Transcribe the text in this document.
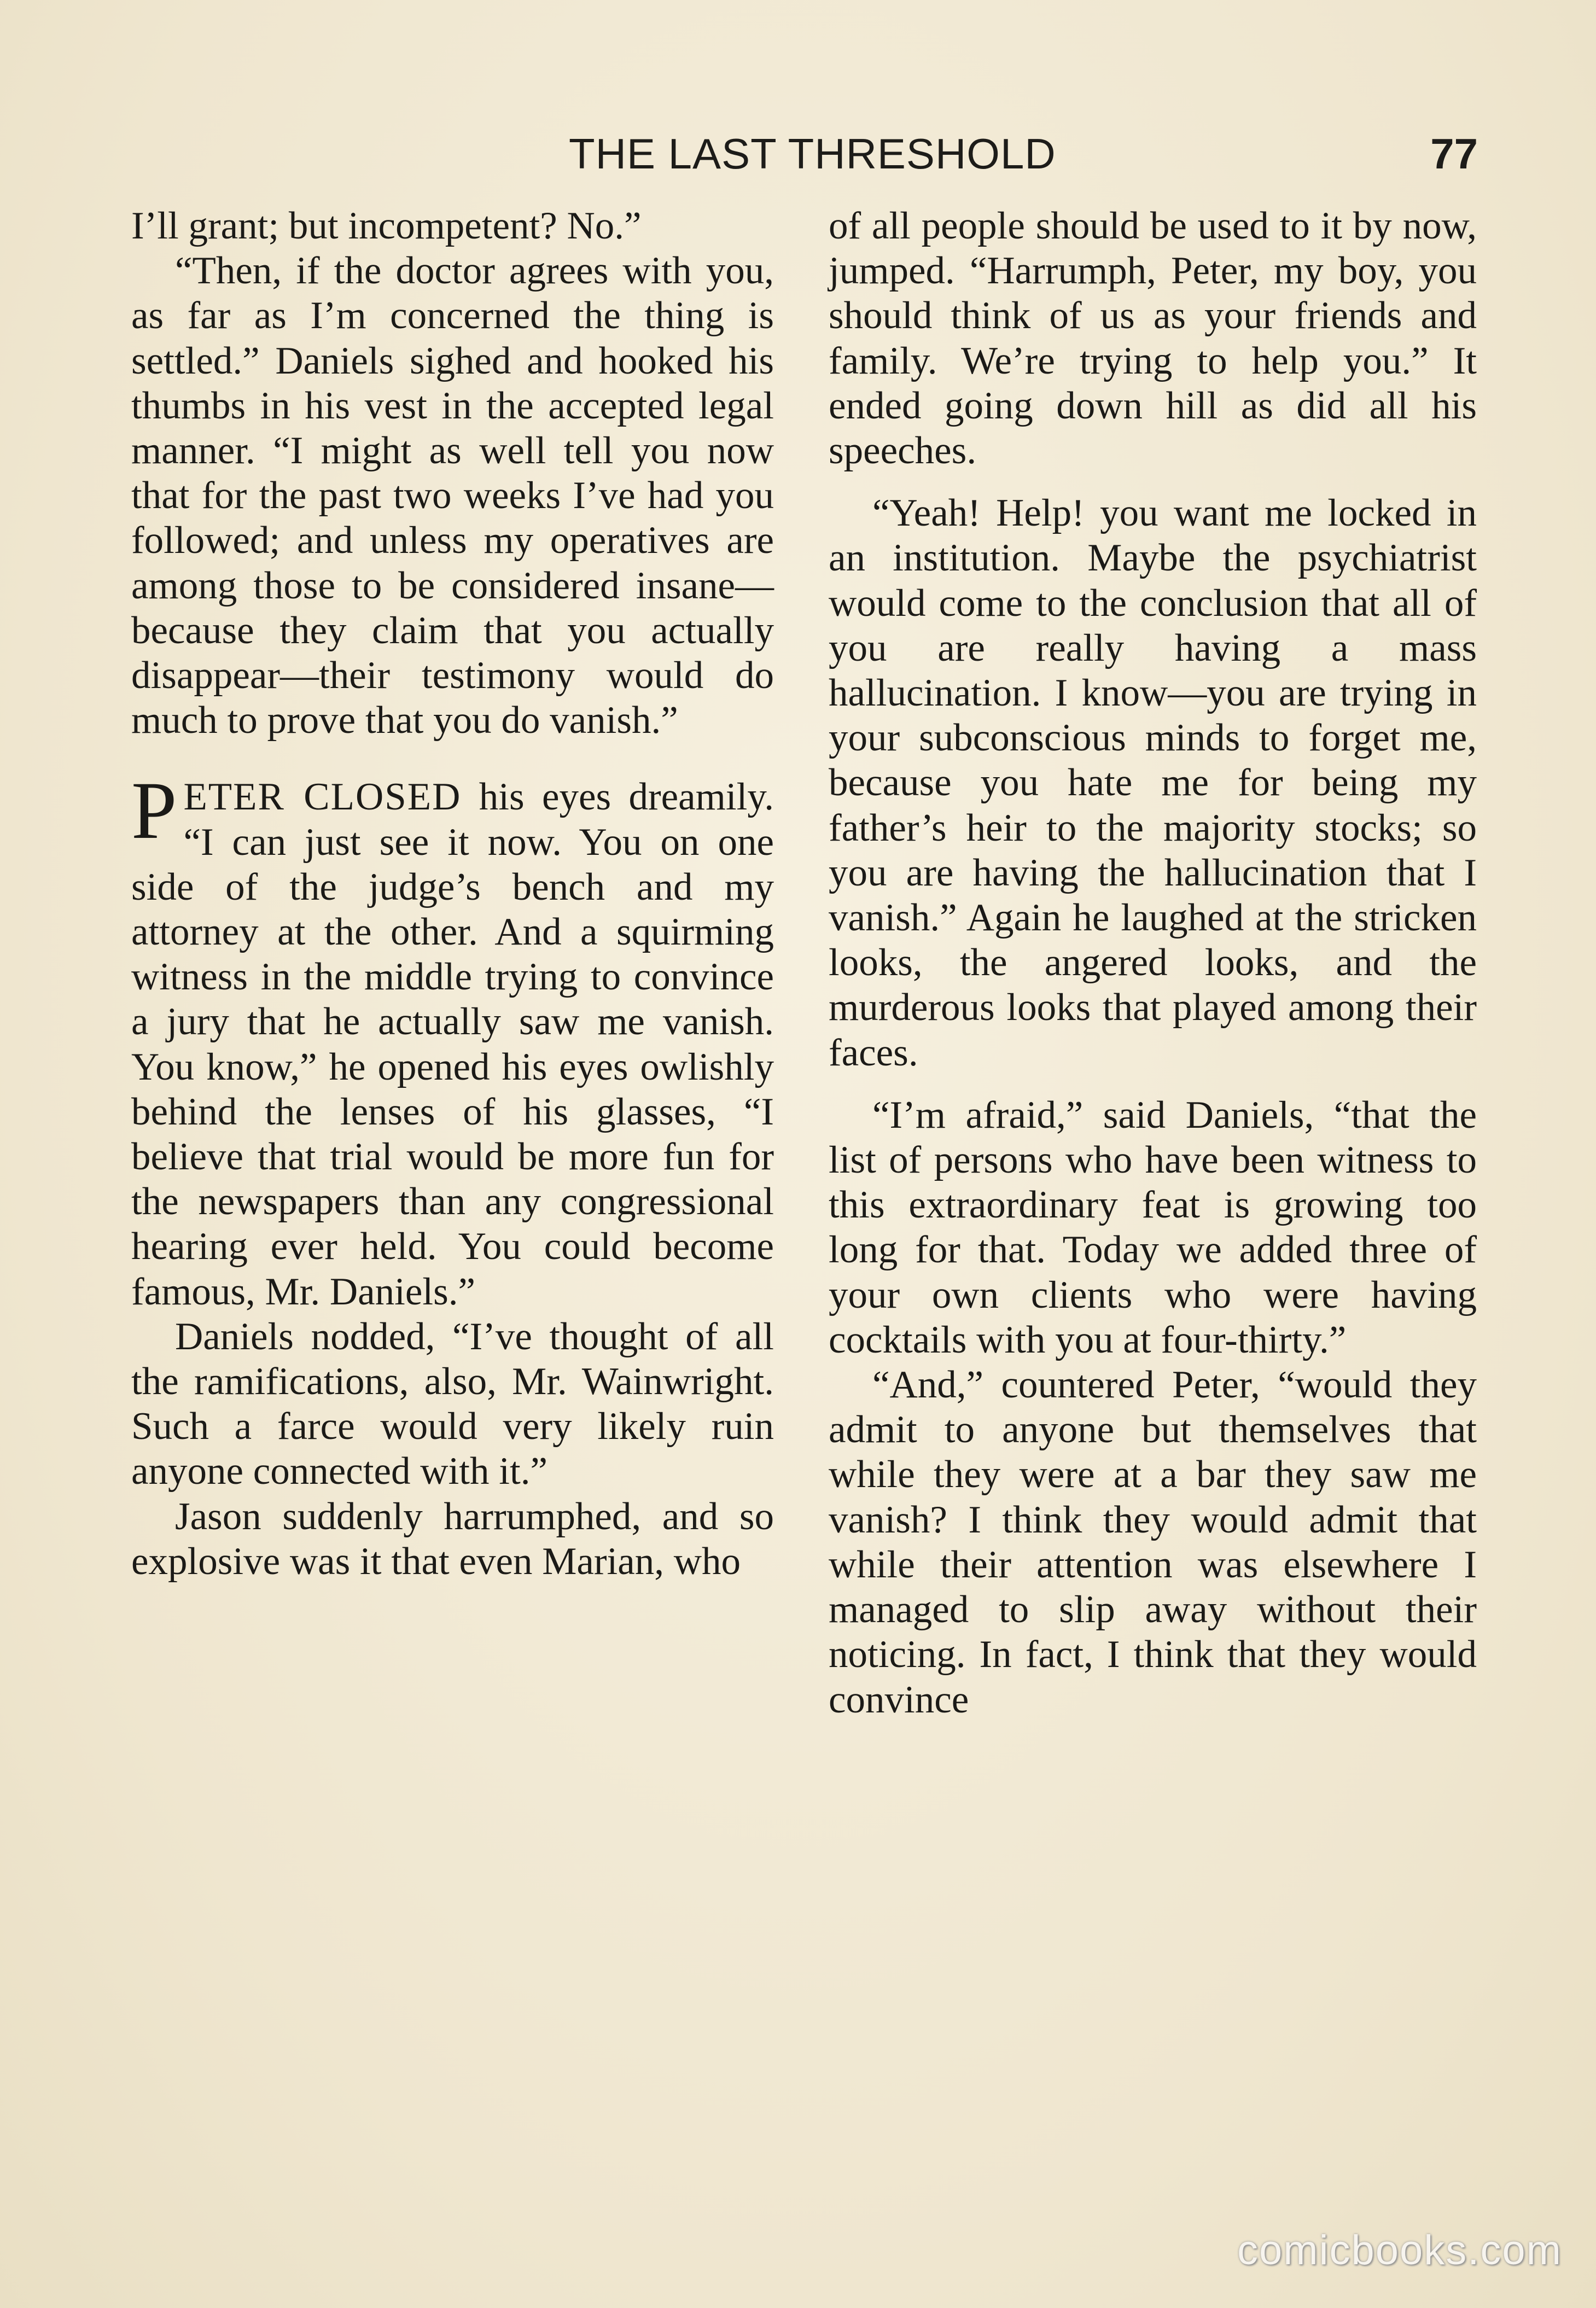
THE LAST THRESHOLD	77

I’ll grant; but incompetent? No.”

“Then, if the doctor agrees with you, as far as I’m concerned the thing is settled.” Daniels sighed and hooked his thumbs in his vest in the accepted legal manner. “I might as well tell you now that for the past two weeks I’ve had you followed; and unless my operatives are among those to be considered insane—because they claim that you actually disappear—their testimony would do much to prove that you do vanish.”

PETER CLOSED his eyes dreamily. “I can just see it now. You on one side of the judge’s bench and my attorney at the other. And a squirming witness in the middle trying to convince a jury that he actually saw me vanish. You know,” he opened his eyes owlishly behind the lenses of his glasses, “I believe that trial would be more fun for the newspapers than any congressional hearing ever held. You could become famous, Mr. Daniels.”

Daniels nodded, “I’ve thought of all the ramifications, also, Mr. Wainwright. Such a farce would very likely ruin anyone connected with it.”

Jason suddenly harrumphed, and so explosive was it that even Marian, who

of all people should be used to it by now, jumped. “Harrumph, Peter, my boy, you should think of us as your friends and family. We’re trying to help you.” It ended going down hill as did all his speeches.

“Yeah! Help! you want me locked in an institution. Maybe the psychiatrist would come to the conclusion that all of you are really having a mass hallucination. I know—you are trying in your subconscious minds to forget me, because you hate me for being my father’s heir to the majority stocks; so you are having the hallucination that I vanish.” Again he laughed at the stricken looks, the angered looks, and the murderous looks that played among their faces.

“I’m afraid,” said Daniels, “that the list of persons who have been witness to this extraordinary feat is growing too long for that. Today we added three of your own clients who were having cocktails with you at four-thirty.”

“And,” countered Peter, “would they admit to anyone but themselves that while they were at a bar they saw me vanish? I think they would admit that while their attention was elsewhere I managed to slip away without their noticing. In fact, I think that they would convince

comicbooks.com
